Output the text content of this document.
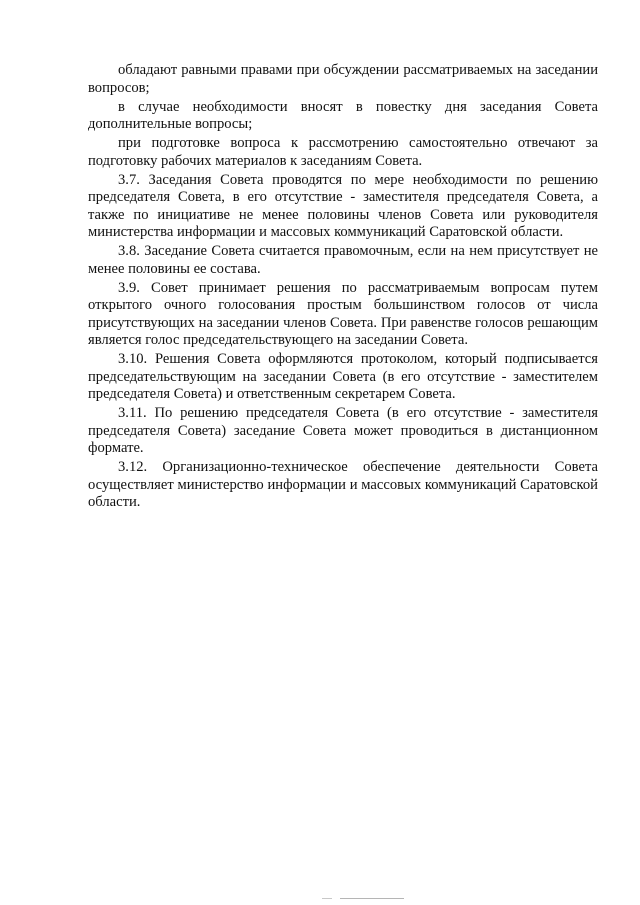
обладают равными правами при обсуждении рассматриваемых на заседании вопросов;

в случае необходимости вносят в повестку дня заседания Совета дополнительные вопросы;

при подготовке вопроса к рассмотрению самостоятельно отвечают за подготовку рабочих материалов к заседаниям Совета.

3.7. Заседания Совета проводятся по мере необходимости по решению председателя Совета, в его отсутствие - заместителя председателя Совета, а также по инициативе не менее половины членов Совета или руководителя министерства информации и массовых коммуникаций Саратовской области.

3.8. Заседание Совета считается правомочным, если на нем присутствует не менее половины ее состава.

3.9. Совет принимает решения по рассматриваемым вопросам путем открытого очного голосования простым большинством голосов от числа присутствующих на заседании членов Совета. При равенстве голосов решающим является голос председательствующего на заседании Совета.

3.10. Решения Совета оформляются протоколом, который подписывается председательствующим на заседании Совета (в его отсутствие - заместителем председателя Совета) и ответственным секретарем Совета.

3.11. По решению председателя Совета (в его отсутствие - заместителя председателя Совета) заседание Совета может проводиться в дистанционном формате.

3.12. Организационно-техническое обеспечение деятельности Совета осуществляет министерство информации и массовых коммуникаций Саратовской области.
